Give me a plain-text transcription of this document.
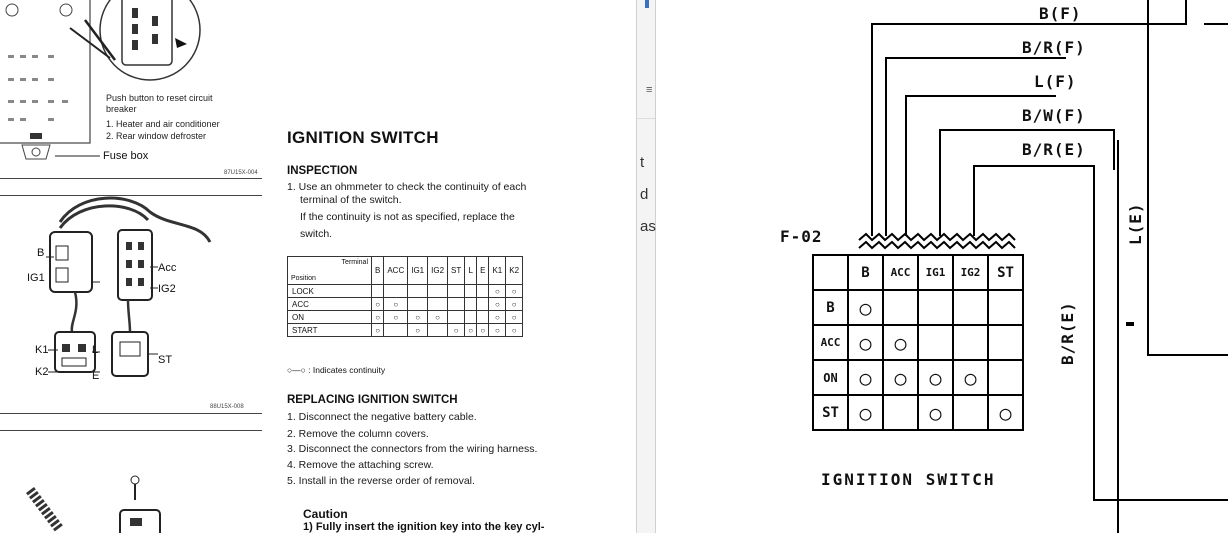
Push button to reset circuit
breaker
1. Heater and air conditioner
2. Rear window defroster
Fuse box
87U15X-004
B
IG1
Acc
IG2
K1	L
K2	E
ST
88U15X-008
IGNITION SWITCH
INSPECTION
1. Use an ohmmeter to check the continuity of each
terminal of the switch.
If the continuity is not as specified, replace the
switch.
Terminal
Position	B	ACC	IG1	IG2	ST	L	E	K1	K2
LOCK								○	○
ACC	○	○						○	○
ON	○	○	○	○				○	○
START	○		○		○	○	○	○	○
○—○ : Indicates continuity
REPLACING IGNITION SWITCH
1. Disconnect the negative battery cable.
2. Remove the column covers.
3. Disconnect the connectors from the wiring harness.
4. Remove the attaching screw.
5. Install in the reverse order of removal.
Caution
1) Fully insert the ignition key into the key cyl-
≡
t
d
as
B(F)
B/R(F)
L(F)
B/W(F)
B/R(E)
L(E)
B/R(E)
F-02
IGNITION SWITCH
	B	ACC	IG1	IG2	ST
B	○				
ACC	○	○			
ON	○	○	○	○	
ST	○		○		○
